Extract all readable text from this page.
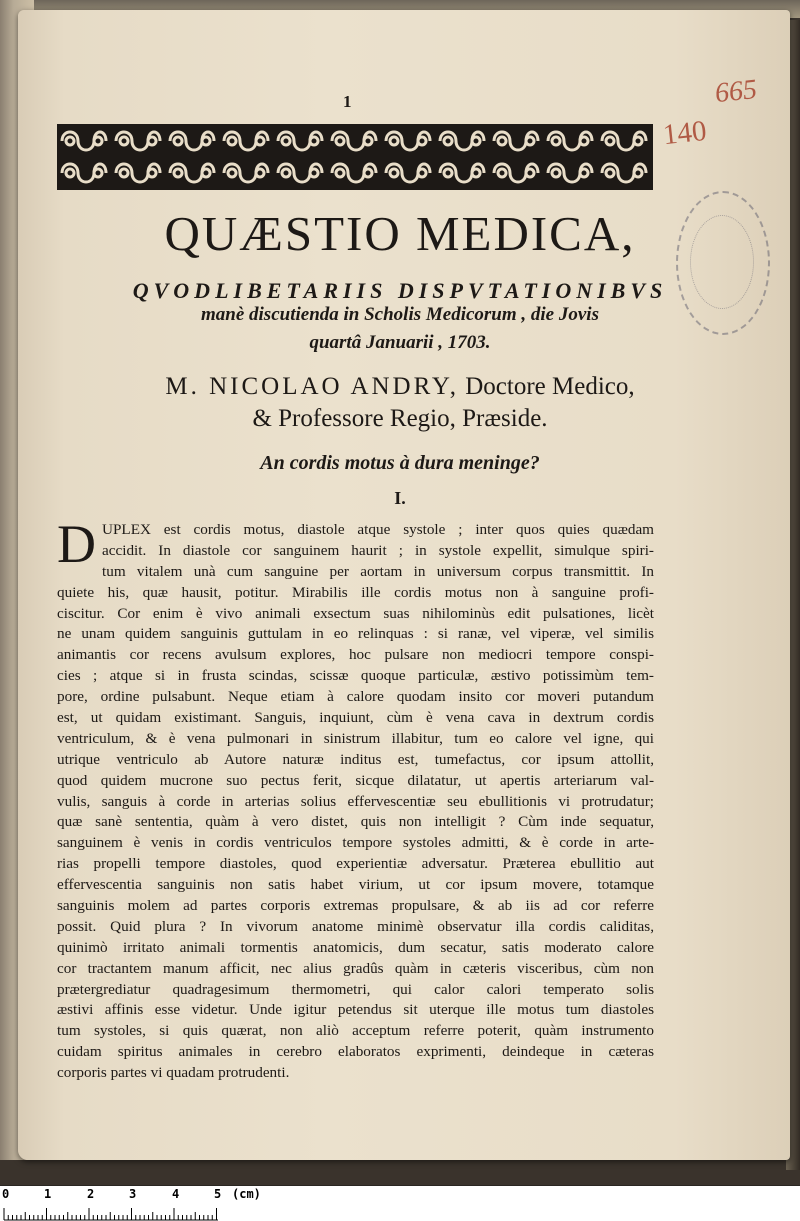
1	665
140
QUÆSTIO MEDICA,
QVODLIBETARIIS DISPVTATIONIBVS
manè discutienda in Scholis Medicorum , die Jovis
quartâ Januarii , 1703.
M. NICOLAO ANDRY, Doctore Medico,
& Professore Regio, Præside.
An cordis motus à dura meninge?
I.
D UPLEX est cordis motus, diastole atque systole ; inter quos quies quædam
accidit. In diastole cor sanguinem haurit ; in systole expellit, simulque spiri-
tum vitalem unà cum sanguine per aortam in universum corpus transmittit. In
quiete his, quæ hausit, potitur. Mirabilis ille cordis motus non à sanguine profi-
ciscitur. Cor enim è vivo animali exsectum suas nihilominùs edit pulsationes, licèt
ne unam quidem sanguinis guttulam in eo relinquas : si ranæ, vel viperæ, vel similis
animantis cor recens avulsum explores, hoc pulsare non mediocri tempore conspi-
cies ; atque si in frusta scindas, scissæ quoque particulæ, æstivo potissimùm tem-
pore, ordine pulsabunt. Neque etiam à calore quodam insito cor moveri putandum
est, ut quidam existimant. Sanguis, inquiunt, cùm è vena cava in dextrum cordis
ventriculum, & è vena pulmonari in sinistrum illabitur, tum eo calore vel igne, qui
utrique ventriculo ab Autore naturæ inditus est, tumefactus, cor ipsum attollit,
quod quidem mucrone suo pectus ferit, sicque dilatatur, ut apertis arteriarum val-
vulis, sanguis à corde in arterias solius effervescentiæ seu ebullitionis vi protrudatur;
quæ sanè sententia, quàm à vero distet, quis non intelligit ? Cùm inde sequatur,
sanguinem è venis in cordis ventriculos tempore systoles admitti, & è corde in arte-
rias propelli tempore diastoles, quod experientiæ adversatur. Præterea ebullitio aut
effervescentia sanguinis non satis habet virium, ut cor ipsum movere, totamque
sanguinis molem ad partes corporis extremas propulsare, & ab iis ad cor referre
possit. Quid plura ? In vivorum anatome minimè observatur illa cordis caliditas,
quinimò irritato animali tormentis anatomicis, dum secatur, satis moderato calore
cor tractantem manum afficit, nec alius gradûs quàm in cæteris visceribus, cùm non
prætergrediatur quadragesimum thermometri, qui calor calori temperato solis
æstivi affinis esse videtur. Unde igitur petendus sit uterque ille motus tum diastoles
tum systoles, si quis quærat, non aliò acceptum referre poterit, quàm instrumento
cuidam spiritus animales in cerebro elaboratos exprimenti, deindeque in cæteras
corporis partes vi quadam protrudenti.
0	1	2	3	4	5 (cm)
